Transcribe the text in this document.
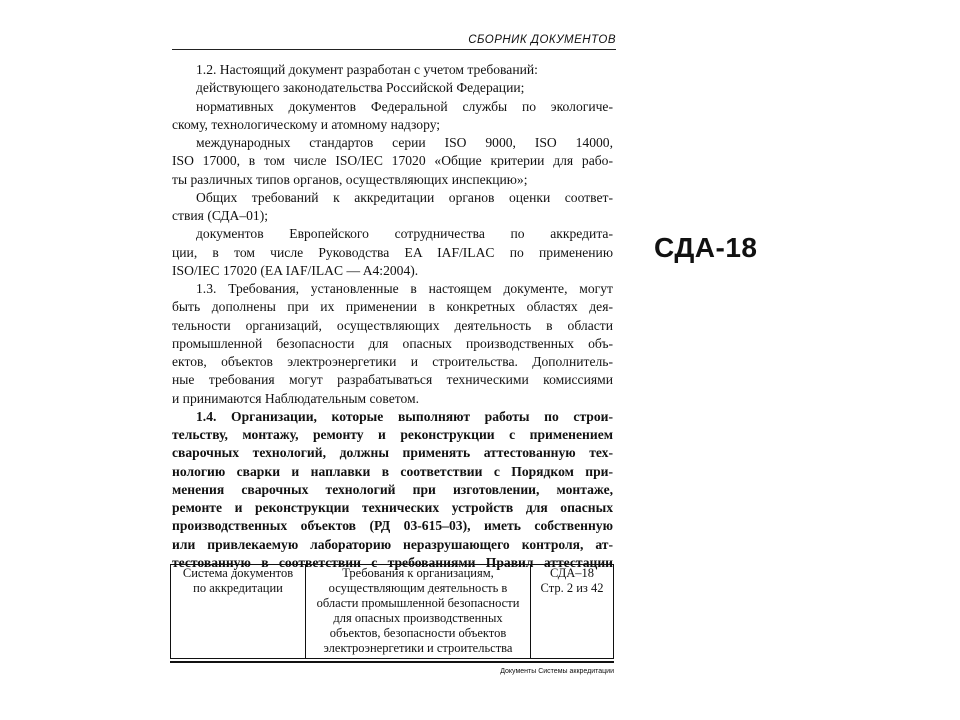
СБОРНИК ДОКУМЕНТОВ
1.2. Настоящий документ разработан с учетом требований:
действующего законодательства Российской Федерации;
нормативных документов Федеральной службы по экологиче-
скому, технологическому и атомному надзору;
международных стандартов серии ISO 9000, ISO 14000,
ISO 17000, в том числе ISO/IEC 17020 «Общие критерии для рабо-
ты различных типов органов, осуществляющих инспекцию»;
Общих требований к аккредитации органов оценки соответ-
ствия (СДА–01);
документов Европейского сотрудничества по аккредита-
ции, в том числе Руководства EA IAF/ILAC по применению
ISO/IEC 17020 (EA IAF/ILAC — A4:2004).
1.3. Требования, установленные в настоящем документе, могут
быть дополнены при их применении в конкретных областях дея-
тельности организаций, осуществляющих деятельность в области
промышленной безопасности для опасных производственных объ-
ектов, объектов электроэнергетики и строительства. Дополнитель-
ные требования могут разрабатываться техническими комиссиями
и принимаются Наблюдательным советом.
1.4. Организации, которые выполняют работы по строи-
тельству, монтажу, ремонту и реконструкции с применением
сварочных технологий, должны применять аттестованную тех-
нологию сварки и наплавки в соответствии с Порядком при-
менения сварочных технологий при изготовлении, монтаже,
ремонте и реконструкции технических устройств для опасных
производственных объектов (РД 03-615–03), иметь собственную
или привлекаемую лабораторию неразрушающего контроля, ат-
тестованную в соответствии с требованиями Правил аттестации
СДА-18
Система документов
по аккредитации

Требования к организациям,
осуществляющим деятельность в
области промышленной безопасности
для опасных производственных
объектов, безопасности объектов
электроэнергетики и строительства

СДА–18
Стр. 2 из 42
Документы Системы аккредитации
